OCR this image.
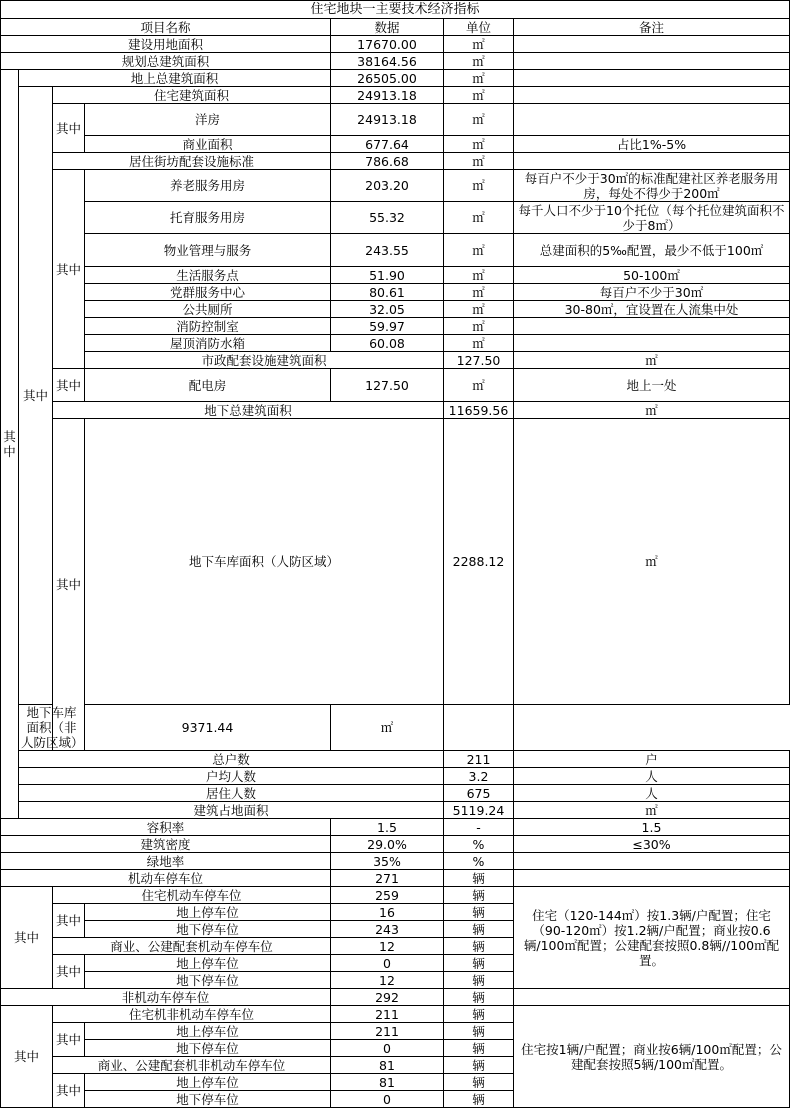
住宅地块一主要技术经济指标							
项目名称				数据	单位	备注	
建设用地面积				17670.00	㎡		
规划总建筑面积				38164.56	㎡		
其中	地上总建筑面积			26505.00	㎡		
	其中	住宅建筑面积		24913.18	㎡		
		其中	洋房	24913.18	㎡		
			商业面积	677.64	㎡	占比1%-5%	
		居住街坊配套设施标准		786.68	㎡		
		其中	养老服务用房	203.20	㎡	每百户不少于30㎡的标准配建社区养老服务用房，每处不得少于200㎡	
			托育服务用房	55.32	㎡	每千人口不少于10个托位（每个托位建筑面积不少于8㎡）	
			物业管理与服务	243.55	㎡	总建面积的5‰配置，最少不低于100㎡	
			生活服务点	51.90	㎡	50-100㎡	
			党群服务中心	80.61	㎡	每百户不少于30㎡	
			公共厕所	32.05	㎡	30-80㎡，宜设置在人流集中处	
			消防控制室	59.97	㎡		
			屋顶消防水箱	60.08	㎡		
			市政配套设施建筑面积		127.50	㎡	
		其中	配电房	127.50	㎡	地上一处	
		地下总建筑面积			11659.56	㎡	
		其中	地下车库面积（人防区域）		2288.12	㎡	
	地下车库面积（非人防区域）		9371.44	㎡			
	总户数				211	户	
	户均人数				3.2	人	
	居住人数				675	人	
	建筑占地面积				5119.24	㎡	
容积率				1.5	-	1.5	
建筑密度				29.0%	%	≤30%	
绿地率				35%	%		
机动车停车位				271	辆		
其中		住宅机动车停车位		259	辆	住宅（120-144㎡）按1.3辆/户配置；住宅（90-120㎡）按1.2辆/户配置；商业按0.6辆/100㎡配置；公建配套按照0.8辆//100㎡配置。	
		其中	地上停车位	16	辆		
			地下停车位	243	辆		
		商业、公建配套机动车停车位		12	辆		
		其中	地上停车位	0	辆		
			地下停车位	12	辆		
非机动车停车位				292	辆		
其中		住宅机非机动车停车位		211	辆	住宅按1辆/户配置；商业按6辆/100㎡配置；公建配套按照5辆/100㎡配置。	
		其中	地上停车位	211	辆		
			地下停车位	0	辆		
		商业、公建配套机非机动车停车位		81	辆		
		其中	地上停车位	81	辆		
			地下停车位	0	辆		
